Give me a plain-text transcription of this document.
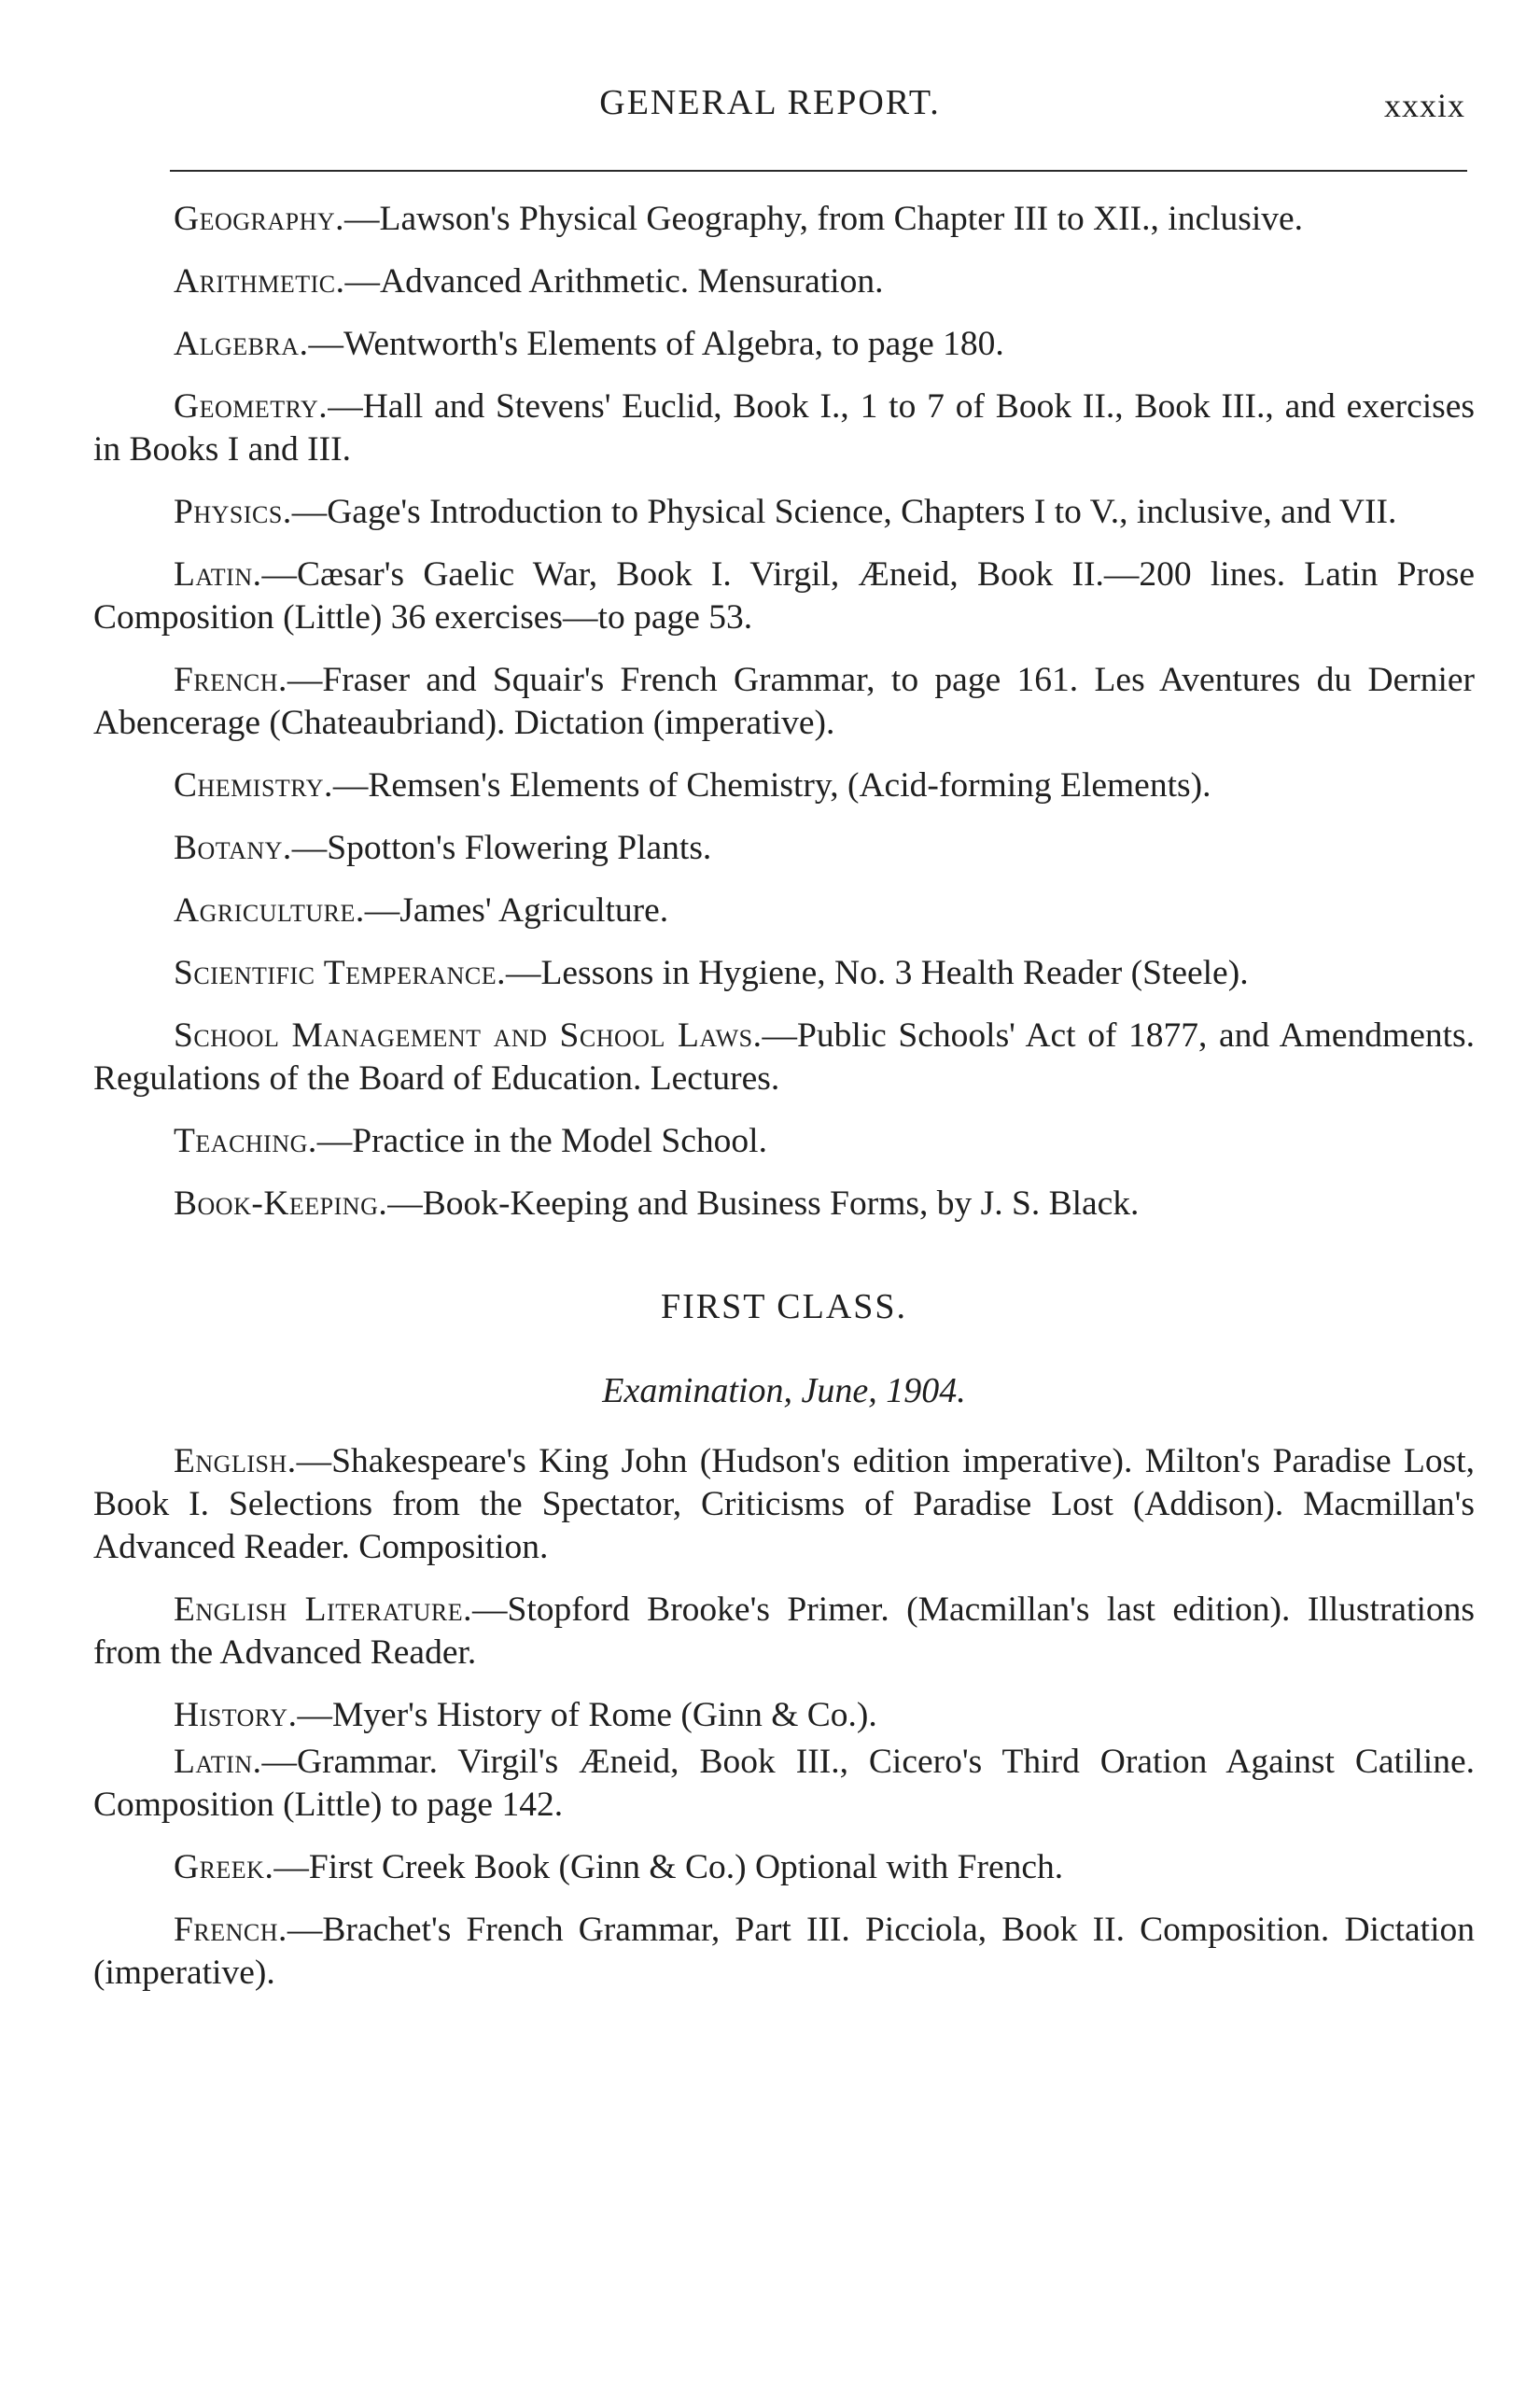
GENERAL REPORT.	xxxix

Geography.—Lawson's Physical Geography, from Chapter III to XII., inclusive.

Arithmetic.—Advanced Arithmetic. Mensuration.

Algebra.—Wentworth's Elements of Algebra, to page 180.

Geometry.—Hall and Stevens' Euclid, Book I., 1 to 7 of Book II., Book III., and exercises in Books I and III.

Physics.—Gage's Introduction to Physical Science, Chapters I to V., inclusive, and VII.

Latin.—Cæsar's Gaelic War, Book I. Virgil, Æneid, Book II.—200 lines. Latin Prose Composition (Little) 36 exercises—to page 53.

French.—Fraser and Squair's French Grammar, to page 161. Les Aventures du Dernier Abencerage (Chateaubriand). Dictation (imperative).

Chemistry.—Remsen's Elements of Chemistry, (Acid-forming Elements).

Botany.—Spotton's Flowering Plants.

Agriculture.—James' Agriculture.

Scientific Temperance.—Lessons in Hygiene, No. 3 Health Reader (Steele).

School Management and School Laws.—Public Schools' Act of 1877, and Amendments. Regulations of the Board of Education. Lectures.

Teaching.—Practice in the Model School.

Book-Keeping.—Book-Keeping and Business Forms, by J. S. Black.

FIRST CLASS.
Examination, June, 1904.

English.—Shakespeare's King John (Hudson's edition imperative). Milton's Paradise Lost, Book I. Selections from the Spectator, Criticisms of Paradise Lost (Addison). Macmillan's Advanced Reader. Composition.

English Literature.—Stopford Brooke's Primer. (Macmillan's last edition). Illustrations from the Advanced Reader.

History.—Myer's History of Rome (Ginn & Co.).

Latin.—Grammar. Virgil's Æneid, Book III., Cicero's Third Oration Against Catiline. Composition (Little) to page 142.

Greek.—First Creek Book (Ginn & Co.) Optional with French.

French.—Brachet's French Grammar, Part III. Picciola, Book II. Composition. Dictation (imperative).
